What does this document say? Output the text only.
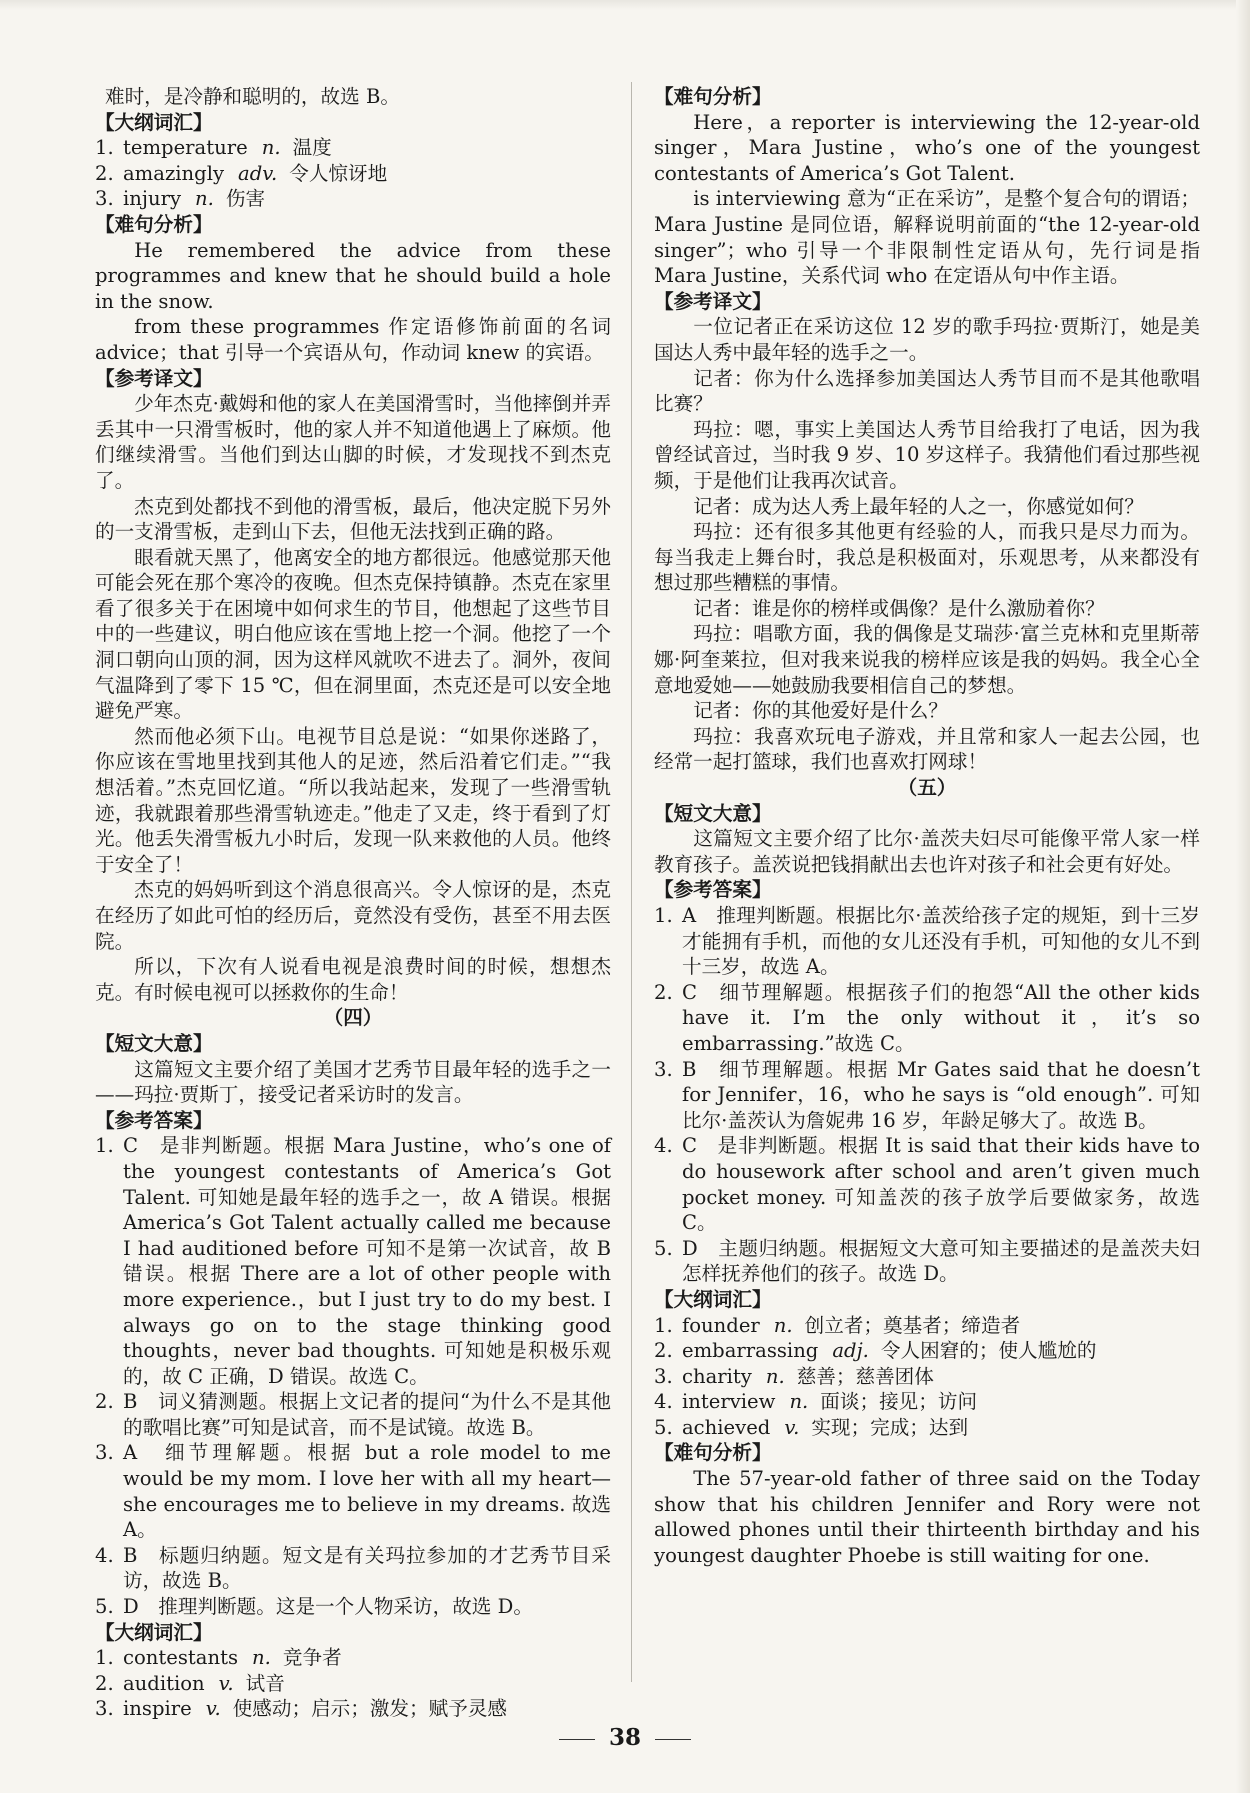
难时，是冷静和聪明的，故选 B。
【大纲词汇】
1. temperature n. 温度
2. amazingly adv. 令人惊讶地
3. injury n. 伤害
【难句分析】
He remembered the advice from these programmes and knew that he should build a hole in the snow.
from these programmes 作定语修饰前面的名词 advice；that 引导一个宾语从句，作动词 knew 的宾语。
【参考译文】
少年杰克·戴姆和他的家人在美国滑雪时，当他摔倒并弄丢其中一只滑雪板时，他的家人并不知道他遇上了麻烦。他们继续滑雪。当他们到达山脚的时候，才发现找不到杰克了。
杰克到处都找不到他的滑雪板，最后，他决定脱下另外的一支滑雪板，走到山下去，但他无法找到正确的路。
眼看就天黑了，他离安全的地方都很远。他感觉那天他可能会死在那个寒冷的夜晚。但杰克保持镇静。杰克在家里看了很多关于在困境中如何求生的节目，他想起了这些节目中的一些建议，明白他应该在雪地上挖一个洞。他挖了一个洞口朝向山顶的洞，因为这样风就吹不进去了。洞外，夜间气温降到了零下 15 ℃，但在洞里面，杰克还是可以安全地避免严寒。
然而他必须下山。电视节目总是说：“如果你迷路了，你应该在雪地里找到其他人的足迹，然后沿着它们走。”“我想活着。”杰克回忆道。“所以我站起来，发现了一些滑雪轨迹，我就跟着那些滑雪轨迹走。”他走了又走，终于看到了灯光。他丢失滑雪板九小时后，发现一队来救他的人员。他终于安全了！
杰克的妈妈听到这个消息很高兴。令人惊讶的是，杰克在经历了如此可怕的经历后，竟然没有受伤，甚至不用去医院。
所以，下次有人说看电视是浪费时间的时候，想想杰克。有时候电视可以拯救你的生命！
（四）
【短文大意】
这篇短文主要介绍了美国才艺秀节目最年轻的选手之一——玛拉·贾斯丁，接受记者采访时的发言。
【参考答案】
1. C　是非判断题。根据 Mara Justine，who’s one of the youngest contestants of America’s Got Talent. 可知她是最年轻的选手之一，故 A 错误。根据 America’s Got Talent actually called me because I had auditioned before 可知不是第一次试音，故 B 错误。根据 There are a lot of other people with more experience.，but I just try to do my best. I always go on to the stage thinking good thoughts，never bad thoughts. 可知她是积极乐观的，故 C 正确，D 错误。故选 C。
2. B　词义猜测题。根据上文记者的提问“为什么不是其他的歌唱比赛”可知是试音，而不是试镜。故选 B。
3. A　细节理解题。根据 but a role model to me would be my mom. I love her with all my heart—she encourages me to believe in my dreams. 故选 A。
4. B　标题归纳题。短文是有关玛拉参加的才艺秀节目采访，故选 B。
5. D　推理判断题。这是一个人物采访，故选 D。
【大纲词汇】
1. contestants n. 竞争者
2. audition v. 试音
3. inspire v. 使感动；启示；激发；赋予灵感
【难句分析】
Here，a reporter is interviewing the 12-year-old singer，Mara Justine，who’s one of the youngest contestants of America’s Got Talent.
is interviewing 意为“正在采访”，是整个复合句的谓语；Mara Justine 是同位语，解释说明前面的“the 12-year-old singer”；who 引导一个非限制性定语从句，先行词是指 Mara Justine，关系代词 who 在定语从句中作主语。
【参考译文】
一位记者正在采访这位 12 岁的歌手玛拉·贾斯汀，她是美国达人秀中最年轻的选手之一。
记者：你为什么选择参加美国达人秀节目而不是其他歌唱比赛？
玛拉：嗯，事实上美国达人秀节目给我打了电话，因为我曾经试音过，当时我 9 岁、10 岁这样子。我猜他们看过那些视频，于是他们让我再次试音。
记者：成为达人秀上最年轻的人之一，你感觉如何？
玛拉：还有很多其他更有经验的人，而我只是尽力而为。每当我走上舞台时，我总是积极面对，乐观思考，从来都没有想过那些糟糕的事情。
记者：谁是你的榜样或偶像？是什么激励着你？
玛拉：唱歌方面，我的偶像是艾瑞莎·富兰克林和克里斯蒂娜·阿奎莱拉，但对我来说我的榜样应该是我的妈妈。我全心全意地爱她——她鼓励我要相信自己的梦想。
记者：你的其他爱好是什么？
玛拉：我喜欢玩电子游戏，并且常和家人一起去公园，也经常一起打篮球，我们也喜欢打网球！
（五）
【短文大意】
这篇短文主要介绍了比尔·盖茨夫妇尽可能像平常人家一样教育孩子。盖茨说把钱捐献出去也许对孩子和社会更有好处。
【参考答案】
1. A　推理判断题。根据比尔·盖茨给孩子定的规矩，到十三岁才能拥有手机，而他的女儿还没有手机，可知他的女儿不到十三岁，故选 A。
2. C　细节理解题。根据孩子们的抱怨“All the other kids have it. I’m the only without it，it’s so embarrassing.”故选 C。
3. B　细节理解题。根据 Mr Gates said that he doesn’t for Jennifer，16，who he says is “old enough”. 可知比尔·盖茨认为詹妮弗 16 岁，年龄足够大了。故选 B。
4. C　是非判断题。根据 It is said that their kids have to do housework after school and aren’t given much pocket money. 可知盖茨的孩子放学后要做家务，故选 C。
5. D　主题归纳题。根据短文大意可知主要描述的是盖茨夫妇怎样抚养他们的孩子。故选 D。
【大纲词汇】
1. founder n. 创立者；奠基者；缔造者
2. embarrassing adj. 令人困窘的；使人尴尬的
3. charity n. 慈善；慈善团体
4. interview n. 面谈；接见；访问
5. achieved v. 实现；完成；达到
【难句分析】
The 57-year-old father of three said on the Today show that his children Jennifer and Rory were not allowed phones until their thirteenth birthday and his youngest daughter Phoebe is still waiting for one.
38
